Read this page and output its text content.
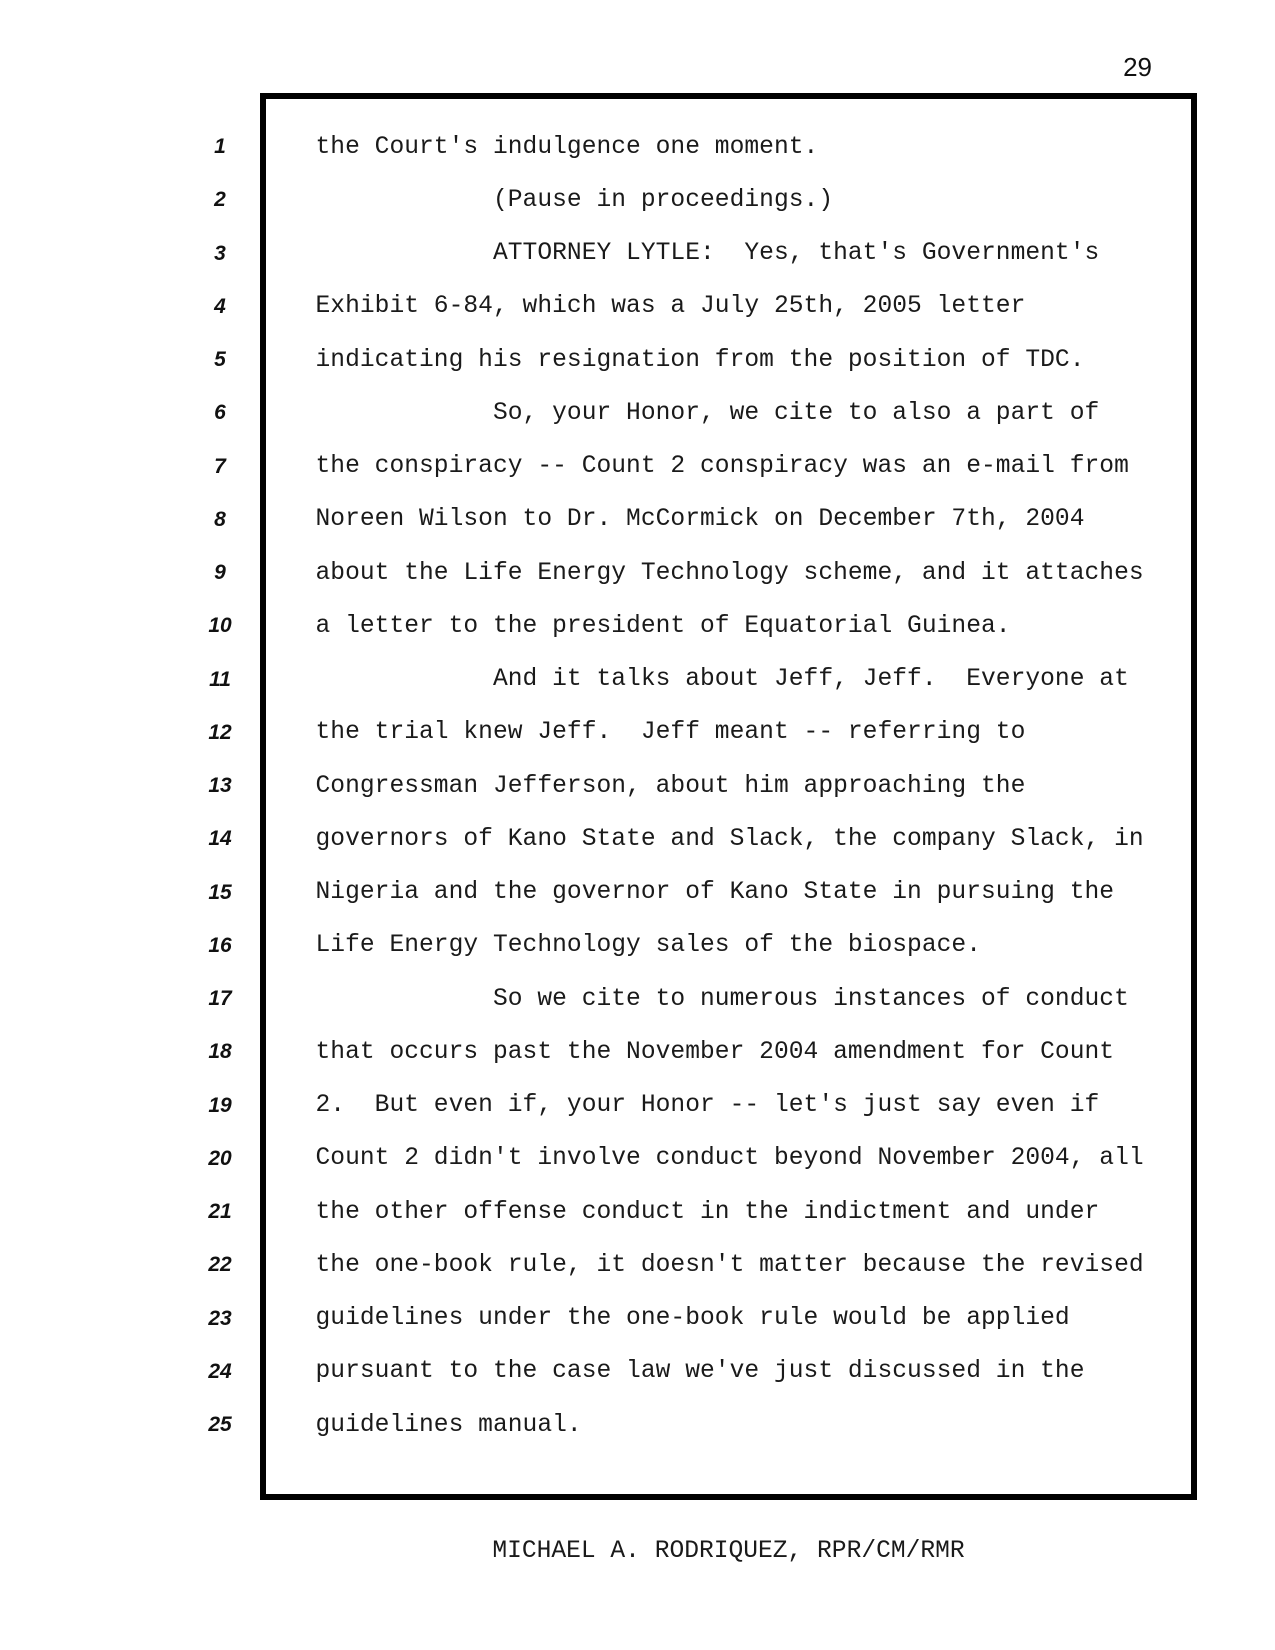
29
1	the Court's indulgence one moment.
2	(Pause in proceedings.)
3	ATTORNEY LYTLE:  Yes, that's Government's
4	Exhibit 6-84, which was a July 25th, 2005 letter
5	indicating his resignation from the position of TDC.
6	So, your Honor, we cite to also a part of
7	the conspiracy -- Count 2 conspiracy was an e-mail from
8	Noreen Wilson to Dr. McCormick on December 7th, 2004
9	about the Life Energy Technology scheme, and it attaches
10	a letter to the president of Equatorial Guinea.
11	And it talks about Jeff, Jeff.  Everyone at
12	the trial knew Jeff.  Jeff meant -- referring to
13	Congressman Jefferson, about him approaching the
14	governors of Kano State and Slack, the company Slack, in
15	Nigeria and the governor of Kano State in pursuing the
16	Life Energy Technology sales of the biospace.
17	So we cite to numerous instances of conduct
18	that occurs past the November 2004 amendment for Count
19	2.  But even if, your Honor -- let's just say even if
20	Count 2 didn't involve conduct beyond November 2004, all
21	the other offense conduct in the indictment and under
22	the one-book rule, it doesn't matter because the revised
23	guidelines under the one-book rule would be applied
24	pursuant to the case law we've just discussed in the
25	guidelines manual.
MICHAEL A. RODRIQUEZ, RPR/CM/RMR
